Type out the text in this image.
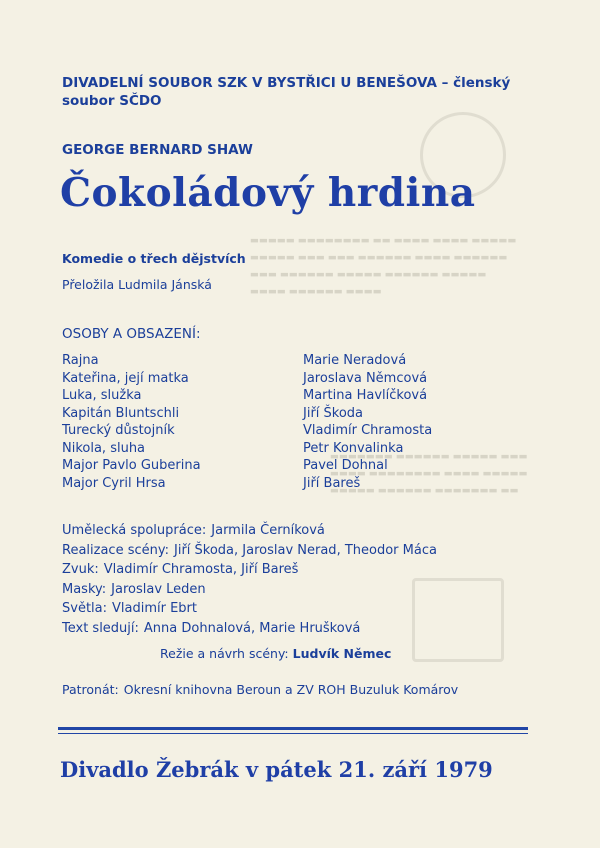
▬▬▬▬▬ ▬▬▬▬▬▬▬▬ ▬▬ ▬▬▬▬ ▬▬▬▬ ▬▬▬▬▬
▬▬▬▬▬ ▬▬▬ ▬▬▬ ▬▬▬▬▬▬ ▬▬▬▬ ▬▬▬▬▬▬
▬▬▬ ▬▬▬▬▬▬ ▬▬▬▬▬ ▬▬▬▬▬▬ ▬▬▬▬▬
▬▬▬▬ ▬▬▬▬▬▬ ▬▬▬▬
▬▬▬▬▬▬▬ ▬▬▬▬▬▬ ▬▬▬▬▬ ▬▬▬
▬▬▬▬ ▬▬▬▬▬▬▬▬ ▬▬▬▬ ▬▬▬▬▬
▬▬▬▬▬ ▬▬▬▬▬▬ ▬▬▬▬▬▬▬ ▬▬
DIVADELNÍ SOUBOR SZK V BYSTŘICI U BENEŠOVA – členský soubor SČDO
GEORGE BERNARD SHAW
Čokoládový hrdina
Komedie o třech dějstvích
Přeložila Ludmila Jánská
OSOBY A OBSAZENÍ:
Rajna	Marie Neradová
Kateřina, její matka	Jaroslava Němcová
Luka, služka	Martina Havlíčková
Kapitán Bluntschli	Jiří Škoda
Turecký důstojník	Vladimír Chramosta
Nikola, sluha	Petr Konvalinka
Major Pavlo Guberina	Pavel Dohnal
Major Cyril Hrsa	Jiří Bareš
Umělecká spolupráce: Jarmila Černíková
Realizace scény: Jiří Škoda, Jaroslav Nerad, Theodor Máca
Zvuk: Vladimír Chramosta, Jiří Bareš
Masky: Jaroslav Leden
Světla: Vladimír Ebrt
Text sledují: Anna Dohnalová, Marie Hrušková
Režie a návrh scény: Ludvík Němec
Patronát: Okresní knihovna Beroun a ZV ROH Buzuluk Komárov
Divadlo Žebrák v pátek 21. září 1979
